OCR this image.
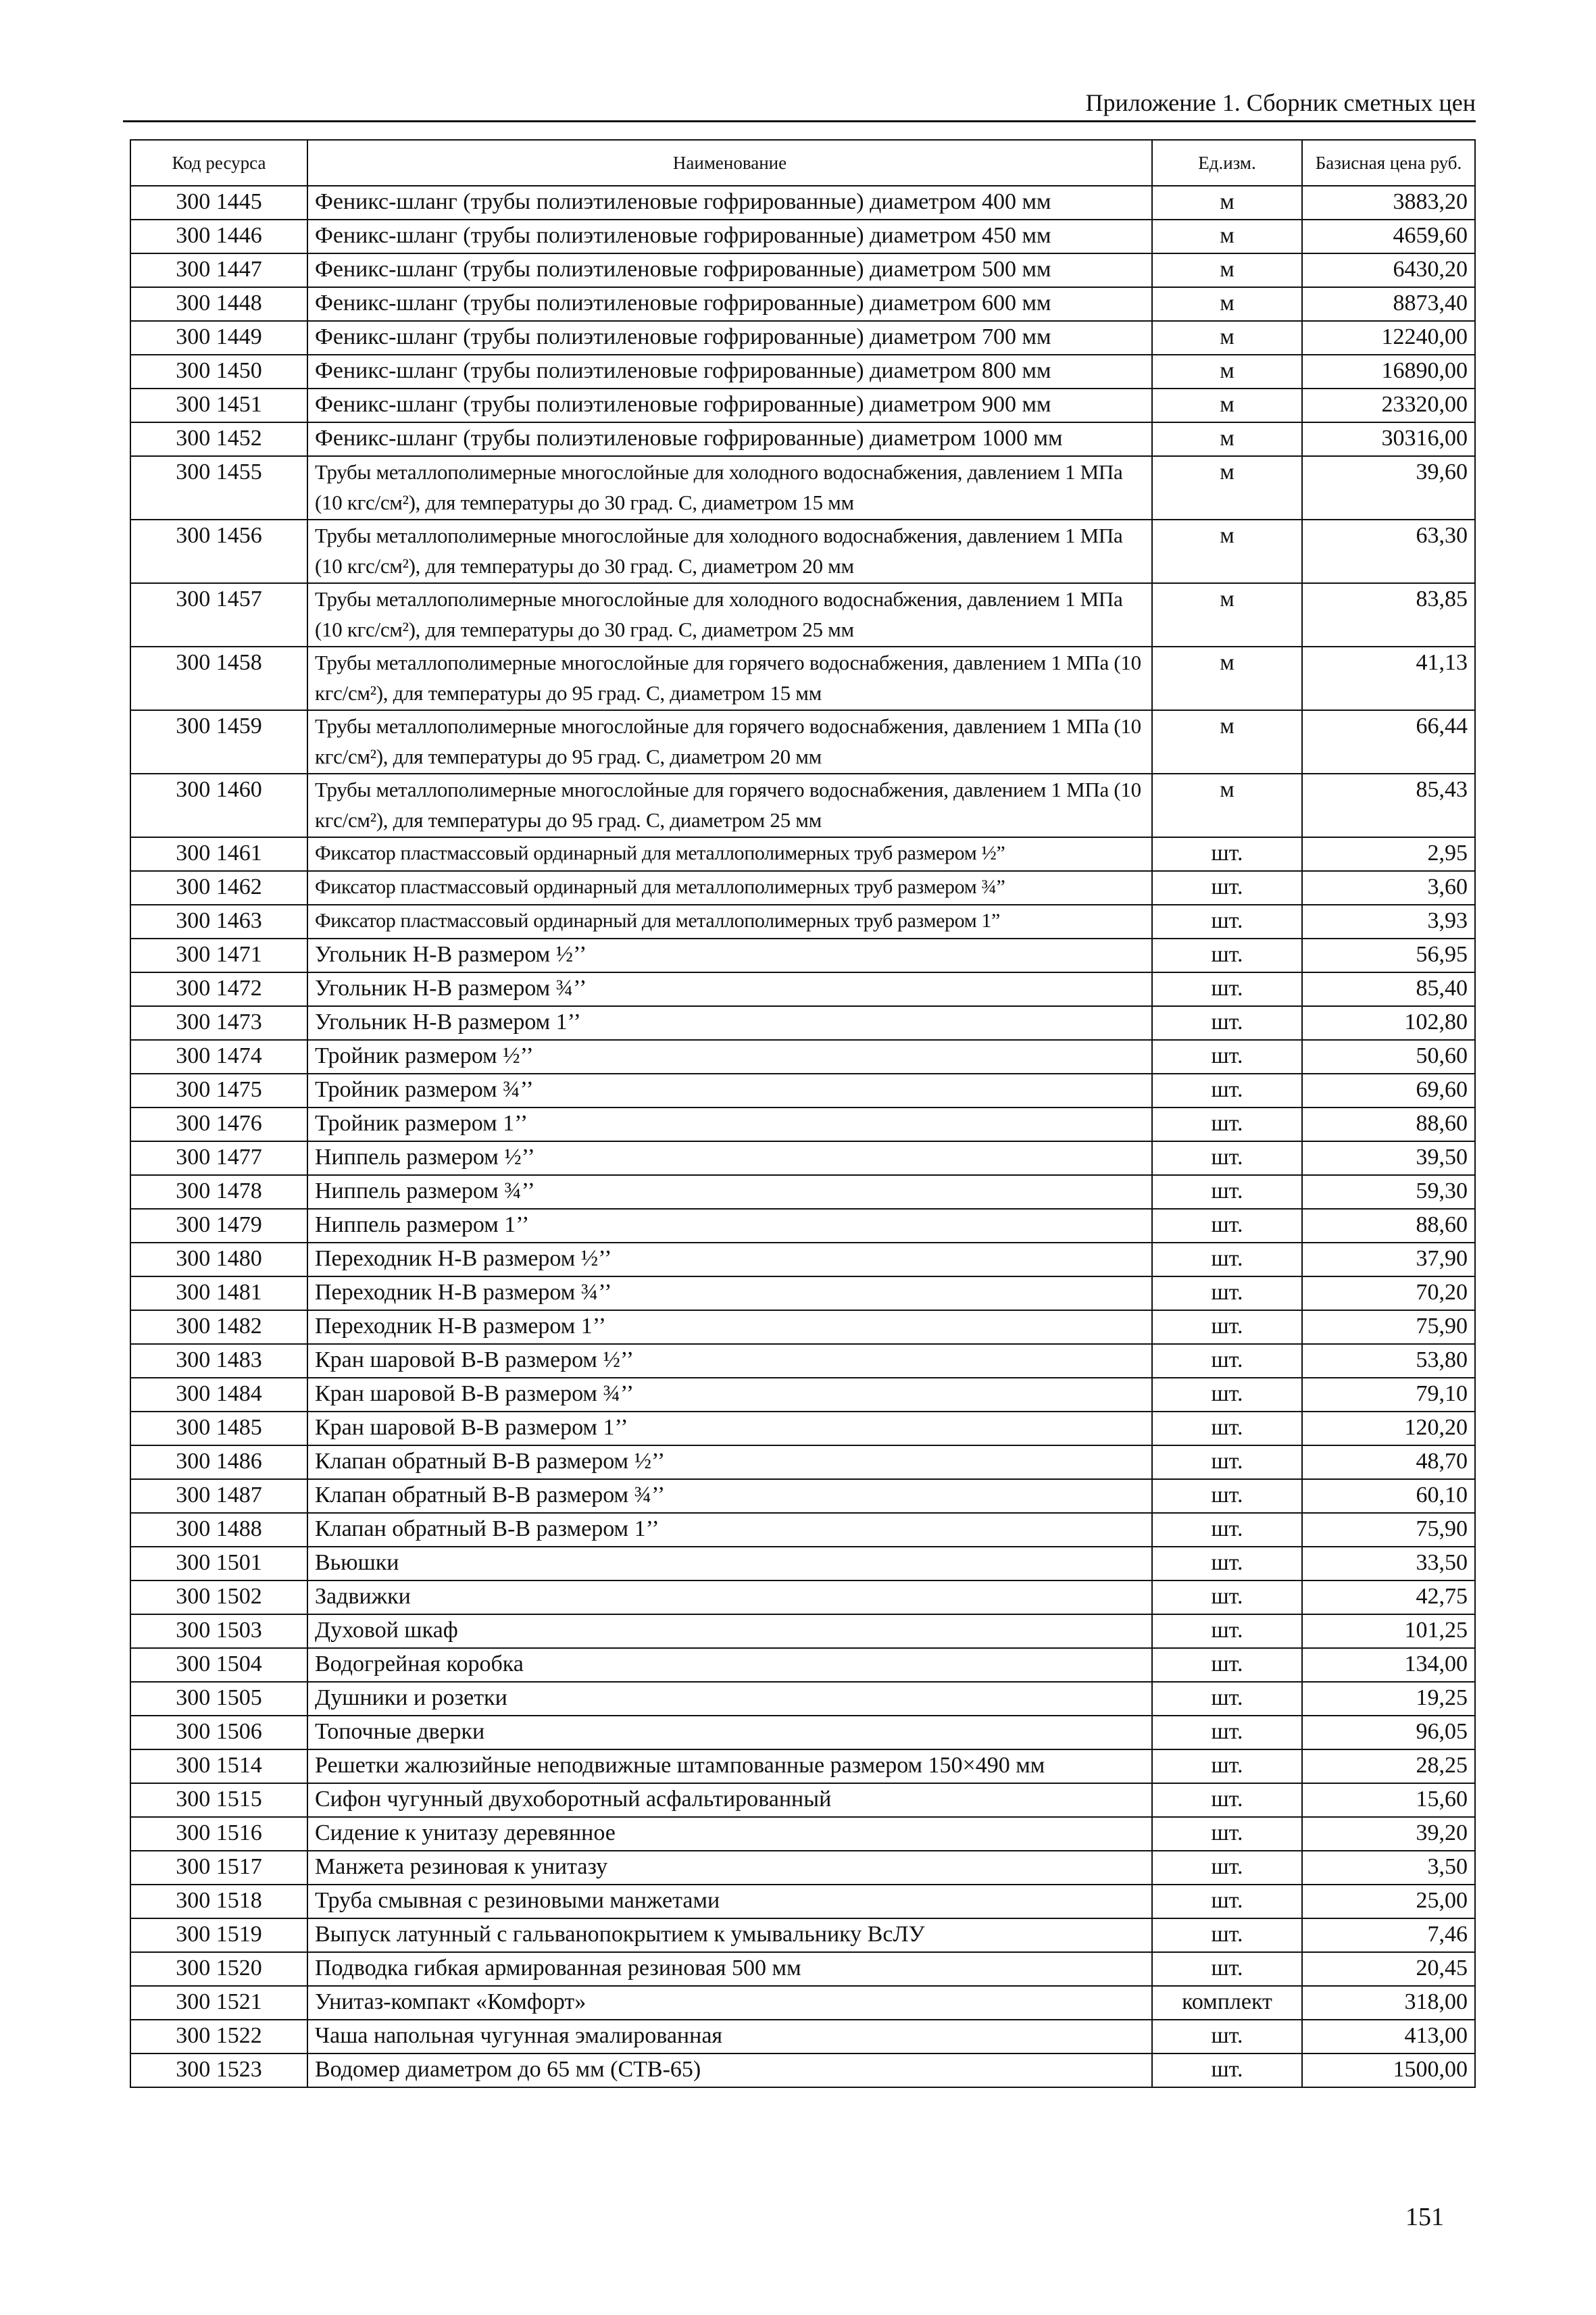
Приложение 1. Сборник сметных цен
Код ресурса	Наименование	Ед.изм.	Базисная цена руб.
300 1445	Феникс-шланг (трубы полиэтиленовые гофрированные) диаметром 400 мм	м	3883,20
300 1446	Феникс-шланг (трубы полиэтиленовые гофрированные) диаметром 450 мм	м	4659,60
300 1447	Феникс-шланг (трубы полиэтиленовые гофрированные) диаметром 500 мм	м	6430,20
300 1448	Феникс-шланг (трубы полиэтиленовые гофрированные) диаметром 600 мм	м	8873,40
300 1449	Феникс-шланг (трубы полиэтиленовые гофрированные) диаметром 700 мм	м	12240,00
300 1450	Феникс-шланг (трубы полиэтиленовые гофрированные) диаметром 800 мм	м	16890,00
300 1451	Феникс-шланг (трубы полиэтиленовые гофрированные) диаметром 900 мм	м	23320,00
300 1452	Феникс-шланг (трубы полиэтиленовые гофрированные) диаметром 1000 мм	м	30316,00
300 1455	Трубы металлополимерные многослойные для холодного водоснабжения, давлением 1 МПа (10 кгс/см²), для температуры до 30 град. С, диаметром 15 мм	м	39,60
300 1456	Трубы металлополимерные многослойные для холодного водоснабжения, давлением 1 МПа (10 кгс/см²), для температуры до 30 град. С, диаметром 20 мм	м	63,30
300 1457	Трубы металлополимерные многослойные для холодного водоснабжения, давлением 1 МПа (10 кгс/см²), для температуры до 30 град. С, диаметром 25 мм	м	83,85
300 1458	Трубы металлополимерные многослойные для горячего водоснабжения, давлением 1 МПа (10 кгс/см²), для температуры до 95 град. С, диаметром 15 мм	м	41,13
300 1459	Трубы металлополимерные многослойные для горячего водоснабжения, давлением 1 МПа (10 кгс/см²), для температуры до 95 град. С, диаметром 20 мм	м	66,44
300 1460	Трубы металлополимерные многослойные для горячего водоснабжения, давлением 1 МПа (10 кгс/см²), для температуры до 95 град. С, диаметром 25 мм	м	85,43
300 1461	Фиксатор пластмассовый ординарный для металлополимерных труб размером ½”	шт.	2,95
300 1462	Фиксатор пластмассовый ординарный для металлополимерных труб размером ¾”	шт.	3,60
300 1463	Фиксатор пластмассовый ординарный для металлополимерных труб размером 1”	шт.	3,93
300 1471	Угольник Н-В размером ½’’	шт.	56,95
300 1472	Угольник Н-В размером ¾’’	шт.	85,40
300 1473	Угольник Н-В размером 1’’	шт.	102,80
300 1474	Тройник размером ½’’	шт.	50,60
300 1475	Тройник размером ¾’’	шт.	69,60
300 1476	Тройник размером 1’’	шт.	88,60
300 1477	Ниппель размером ½’’	шт.	39,50
300 1478	Ниппель размером ¾’’	шт.	59,30
300 1479	Ниппель размером 1’’	шт.	88,60
300 1480	Переходник Н-В размером ½’’	шт.	37,90
300 1481	Переходник Н-В размером ¾’’	шт.	70,20
300 1482	Переходник Н-В размером 1’’	шт.	75,90
300 1483	Кран шаровой В-В размером ½’’	шт.	53,80
300 1484	Кран шаровой В-В размером ¾’’	шт.	79,10
300 1485	Кран шаровой В-В размером 1’’	шт.	120,20
300 1486	Клапан обратный В-В размером ½’’	шт.	48,70
300 1487	Клапан обратный В-В размером ¾’’	шт.	60,10
300 1488	Клапан обратный В-В размером 1’’	шт.	75,90
300 1501	Вьюшки	шт.	33,50
300 1502	Задвижки	шт.	42,75
300 1503	Духовой шкаф	шт.	101,25
300 1504	Водогрейная коробка	шт.	134,00
300 1505	Душники и розетки	шт.	19,25
300 1506	Топочные дверки	шт.	96,05
300 1514	Решетки жалюзийные неподвижные штампованные размером 150×490 мм	шт.	28,25
300 1515	Сифон чугунный двухоборотный асфальтированный	шт.	15,60
300 1516	Сидение к унитазу деревянное	шт.	39,20
300 1517	Манжета резиновая к унитазу	шт.	3,50
300 1518	Труба смывная с резиновыми манжетами	шт.	25,00
300 1519	Выпуск латунный с гальванопокрытием к умывальнику ВсЛУ	шт.	7,46
300 1520	Подводка гибкая армированная резиновая 500 мм	шт.	20,45
300 1521	Унитаз-компакт «Комфорт»	комплект	318,00
300 1522	Чаша напольная чугунная эмалированная	шт.	413,00
300 1523	Водомер диаметром до 65 мм (СТВ-65)	шт.	1500,00
151
